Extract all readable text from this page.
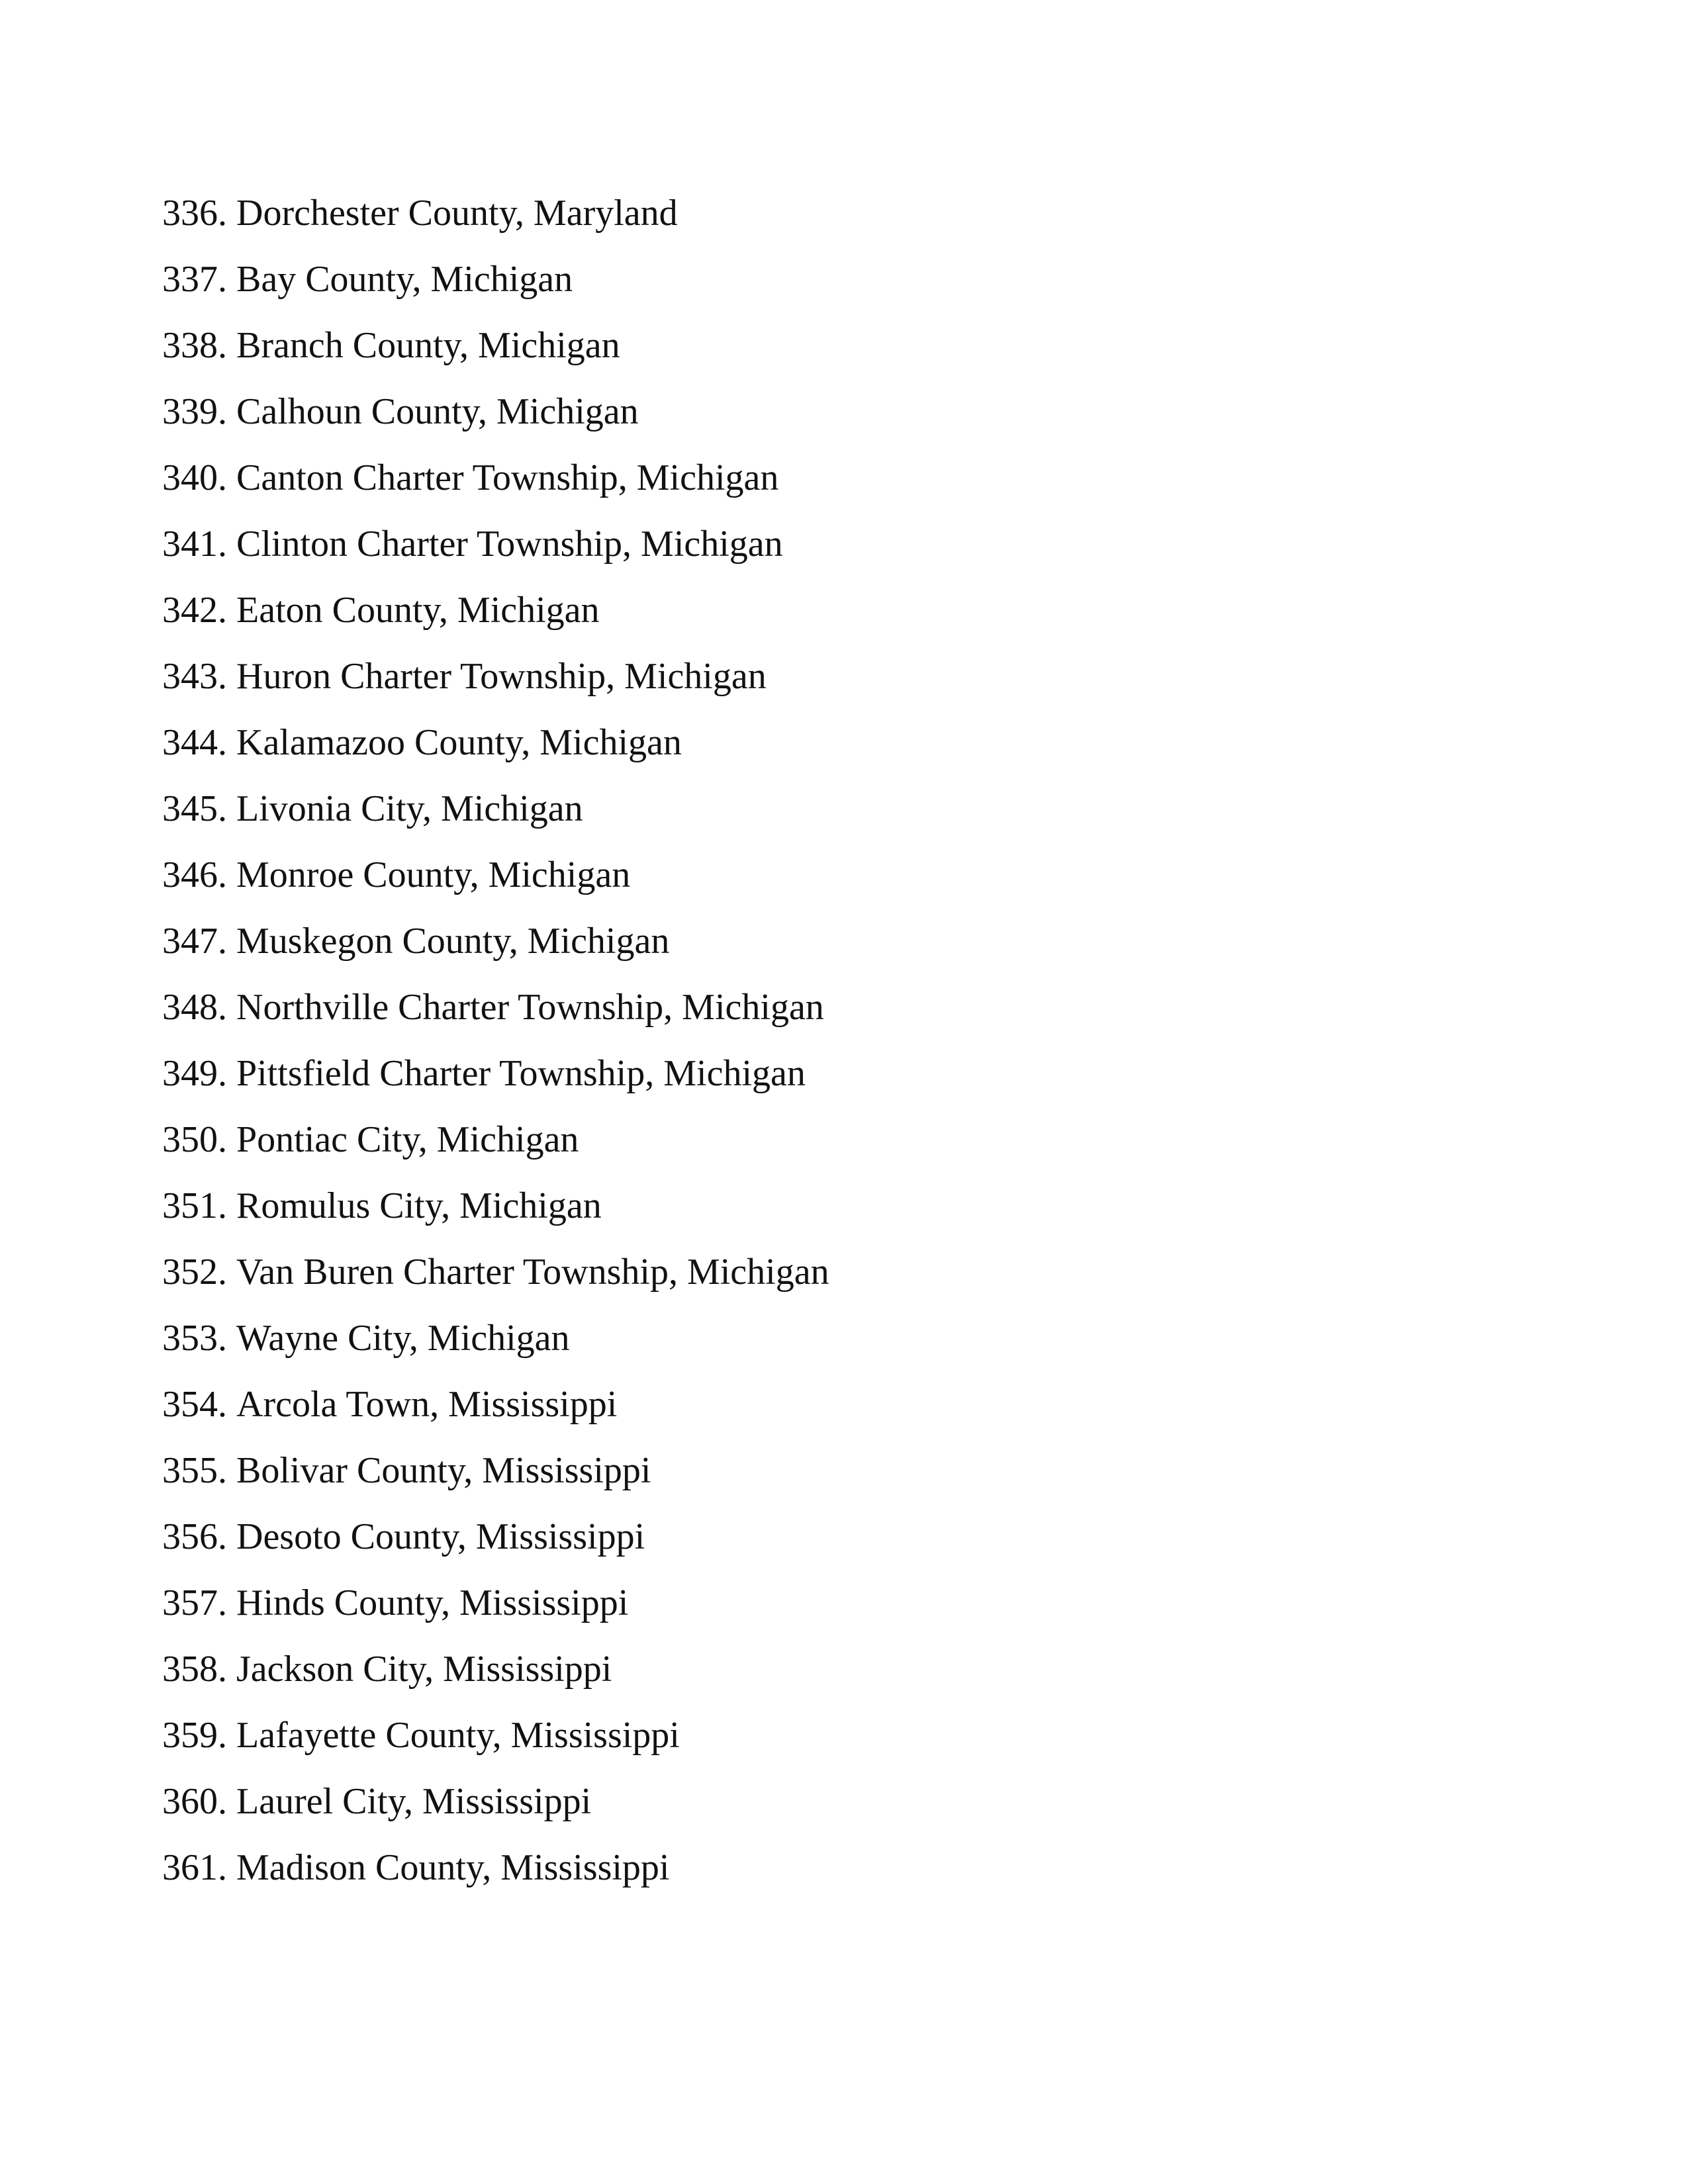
336. Dorchester County, Maryland
337. Bay County, Michigan
338. Branch County, Michigan
339. Calhoun County, Michigan
340. Canton Charter Township, Michigan
341. Clinton Charter Township, Michigan
342. Eaton County, Michigan
343. Huron Charter Township, Michigan
344. Kalamazoo County, Michigan
345. Livonia City, Michigan
346. Monroe County, Michigan
347. Muskegon County, Michigan
348. Northville Charter Township, Michigan
349. Pittsfield Charter Township, Michigan
350. Pontiac City, Michigan
351. Romulus City, Michigan
352. Van Buren Charter Township, Michigan
353. Wayne City, Michigan
354. Arcola Town, Mississippi
355. Bolivar County, Mississippi
356. Desoto County, Mississippi
357. Hinds County, Mississippi
358. Jackson City, Mississippi
359. Lafayette County, Mississippi
360. Laurel City, Mississippi
361. Madison County, Mississippi
